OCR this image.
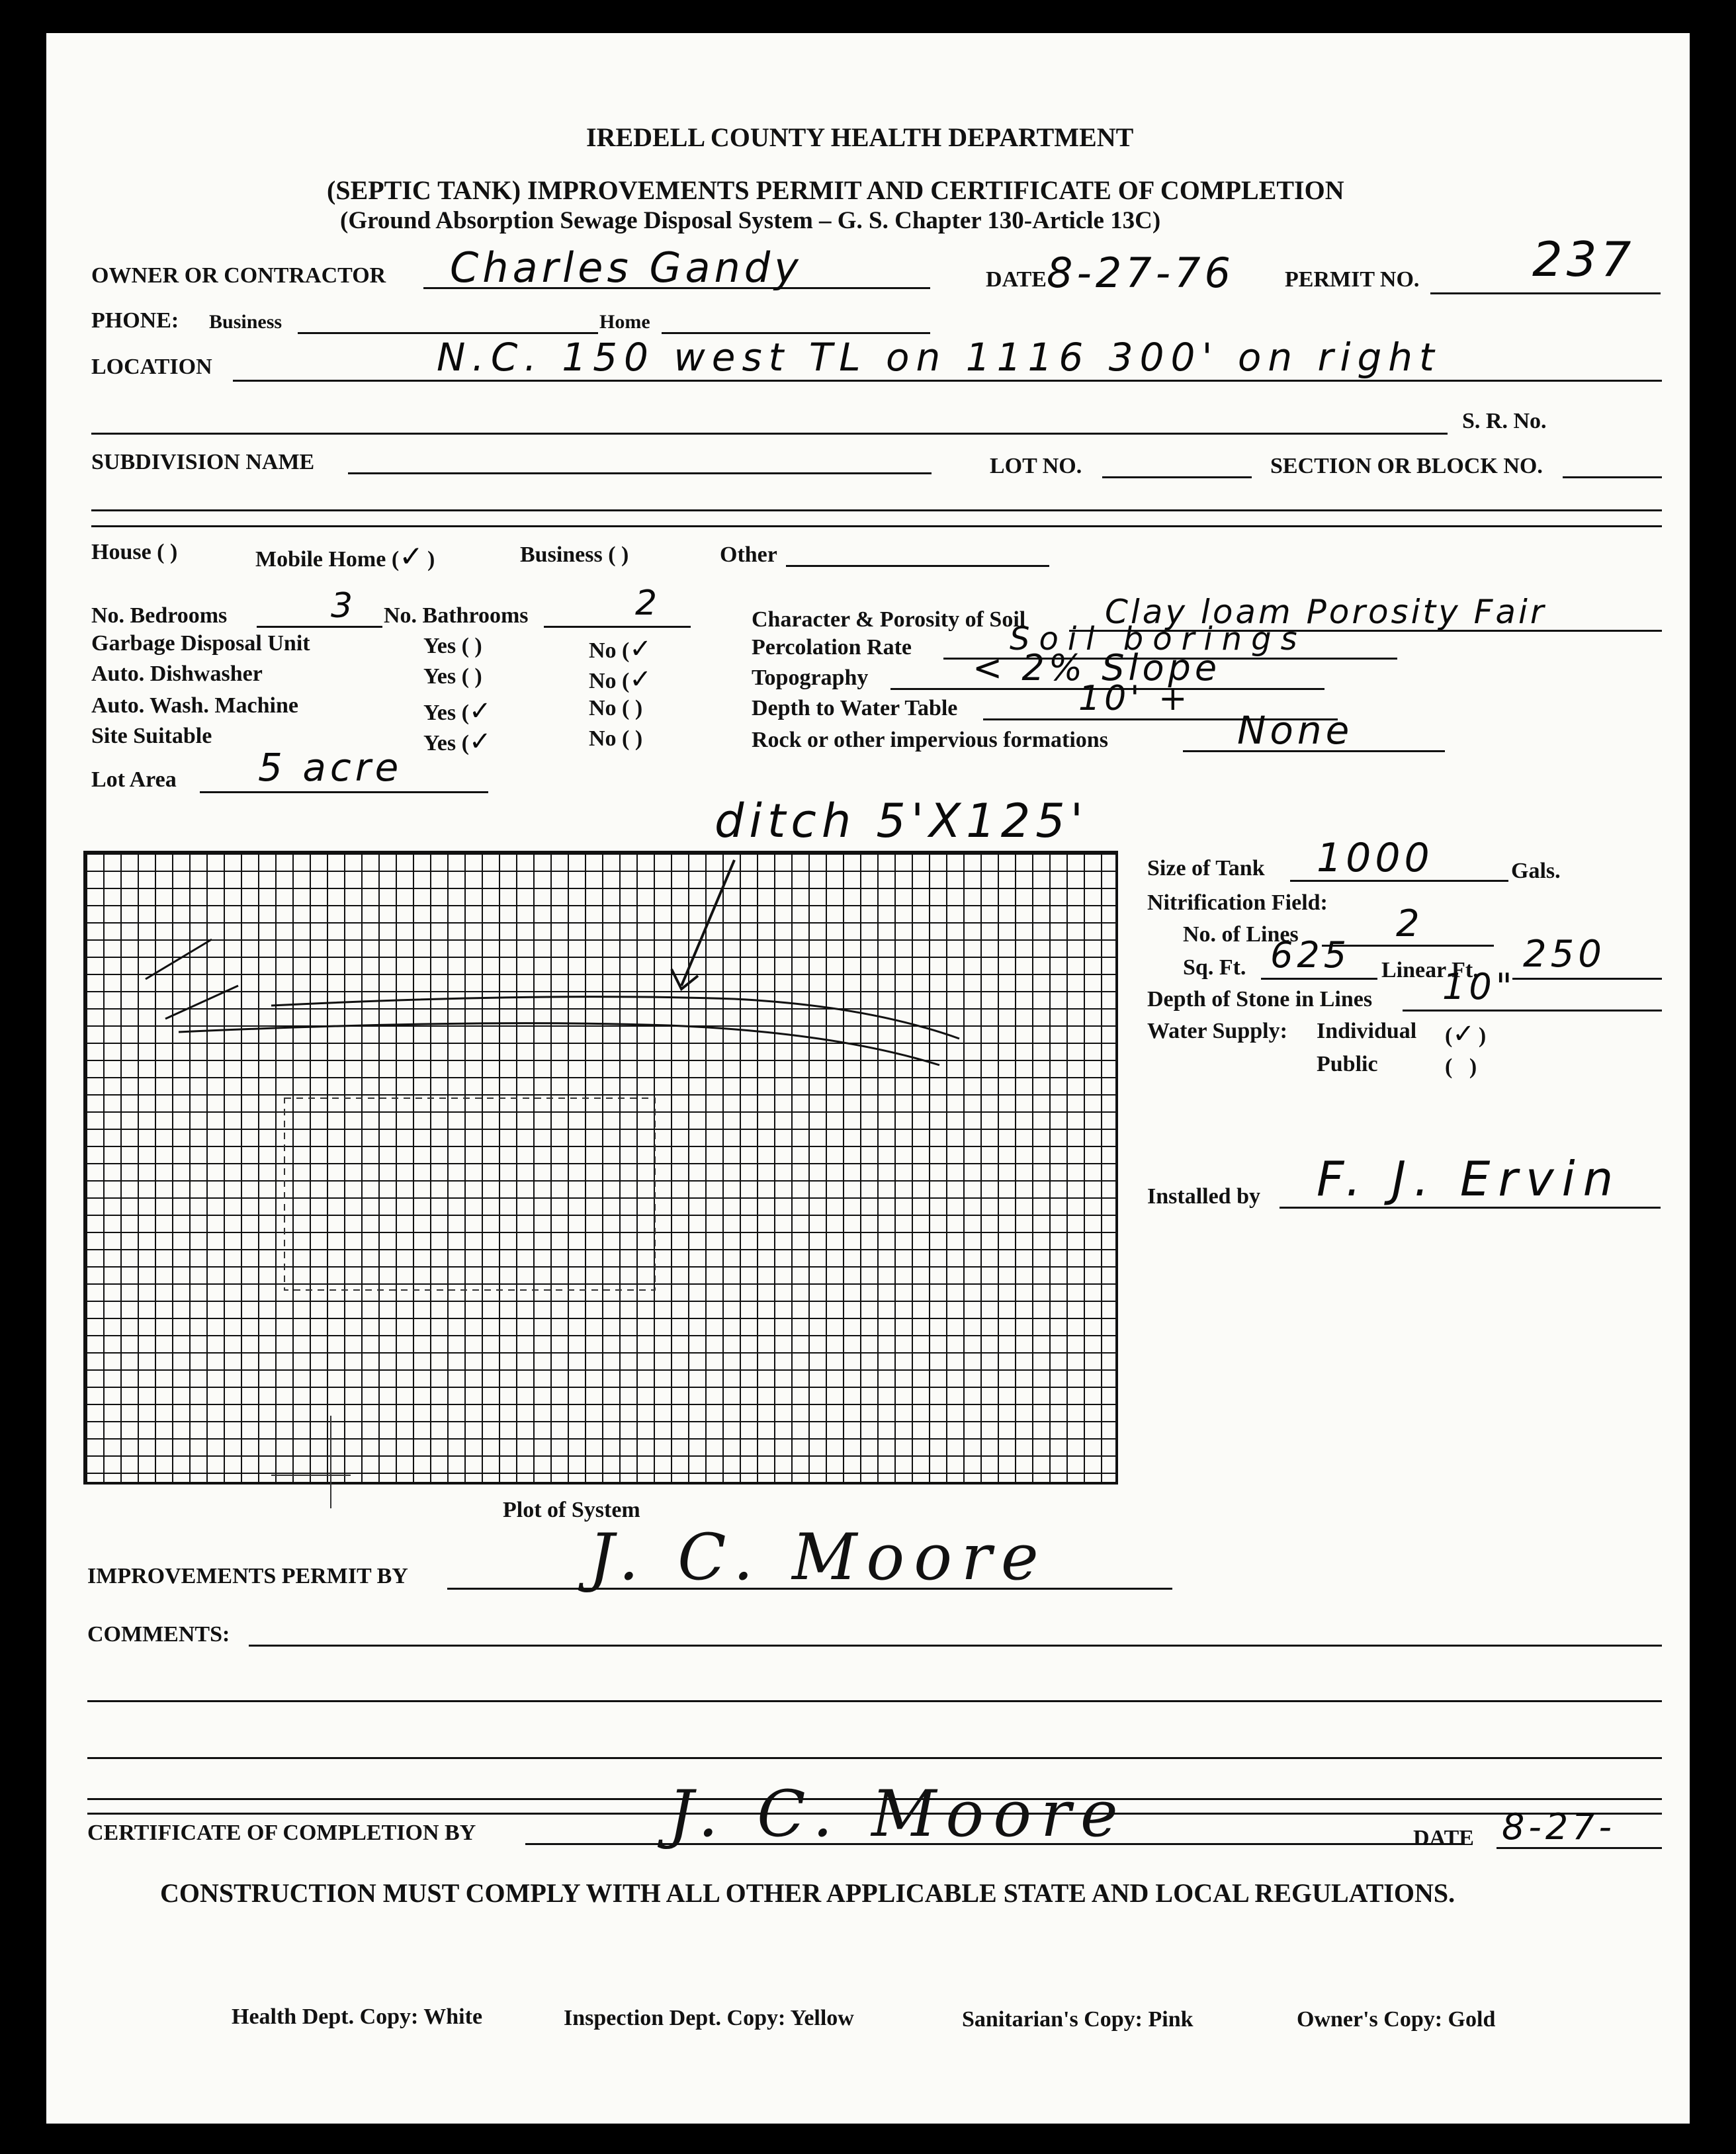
IREDELL COUNTY HEALTH DEPARTMENT
(SEPTIC TANK) IMPROVEMENTS PERMIT AND CERTIFICATE OF COMPLETION
(Ground Absorption Sewage Disposal System – G. S. Chapter 130-Article 13C)
OWNER OR CONTRACTOR Charles Gandy	DATE 8-27-76 PERMIT NO. 237
PHONE: Business	Home
LOCATION	N.C. 150 west TL on 1116 300' on right
S. R. No.
SUBDIVISION NAME	LOT NO.	SECTION OR BLOCK NO.
House ( )	Mobile Home (✓)	Business ( )	Other
No. Bedrooms	3 No. Bathrooms	2
Garbage Disposal Unit	Yes ( )	No (✓
Auto. Dishwasher	Yes ( )	No (✓
Auto. Wash. Machine	Yes (✓	No ( )
Site Suitable	Yes (✓	No ( )
Lot Area 5 acre
Character & Porosity of Soil Clay loam Porosity Fair
Percolation Rate	Soil borings
Topography	< 2% Slope
Depth to Water Table	10' +
Rock or other impervious formations	None
ditch 5'X125'
Plot of System
Size of Tank 1000	Gals.
Nitrification Field:
No. of Lines	2
Sq. Ft. 625 Linear Ft. 250
Depth of Stone in Lines 10"
Water Supply: Individual (✓)
Public	(   )
Installed by F. J. Ervin
IMPROVEMENTS PERMIT BY	J. C. Moore
COMMENTS:
CERTIFICATE OF COMPLETION BY	J. C. Moore	DATE 8-27-
CONSTRUCTION MUST COMPLY WITH ALL OTHER APPLICABLE STATE AND LOCAL REGULATIONS.
Health Dept. Copy: White	Inspection Dept. Copy: Yellow	Sanitarian's Copy: Pink	Owner's Copy: Gold
